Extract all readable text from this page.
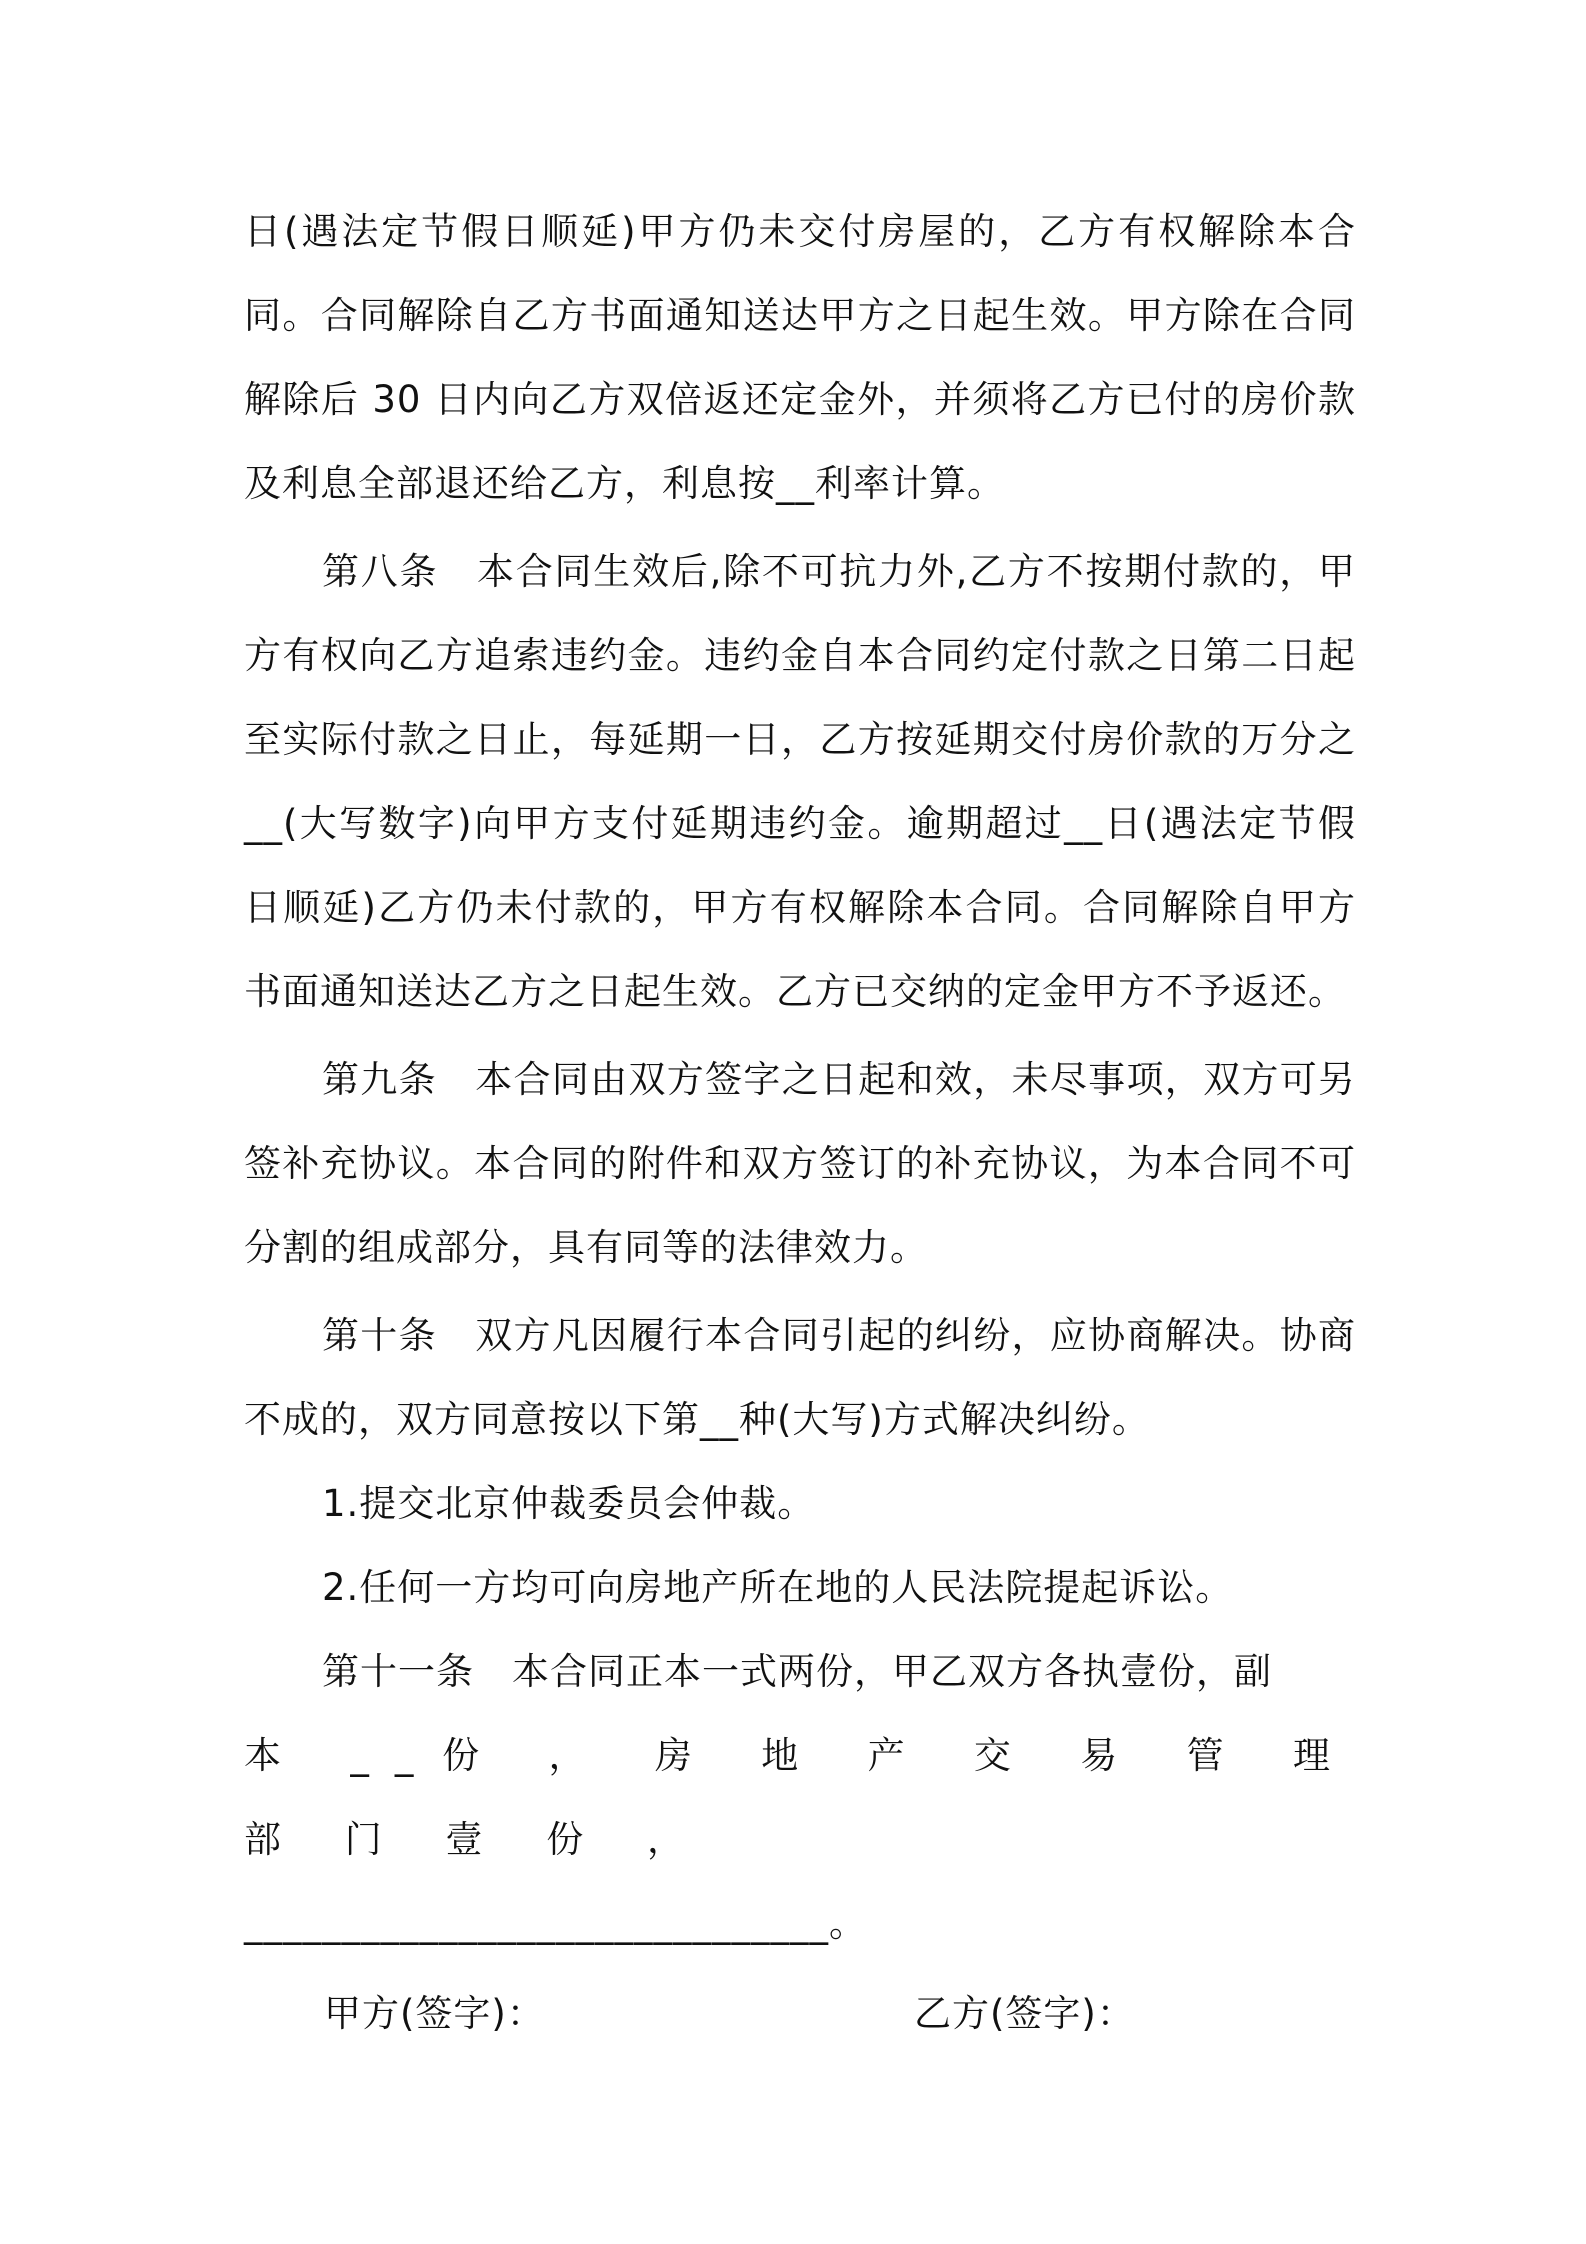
日(遇法定节假日顺延)甲方仍未交付房屋的，乙方有权解除本合同。合同解除自乙方书面通知送达甲方之日起生效。甲方除在合同解除后 30 日内向乙方双倍返还定金外，并须将乙方已付的房价款及利息全部退还给乙方，利息按__利率计算。

第八条　本合同生效后,除不可抗力外,乙方不按期付款的，甲方有权向乙方追索违约金。违约金自本合同约定付款之日第二日起至实际付款之日止，每延期一日，乙方按延期交付房价款的万分之__(大写数字)向甲方支付延期违约金。逾期超过__日(遇法定节假日顺延)乙方仍未付款的，甲方有权解除本合同。合同解除自甲方书面通知送达乙方之日起生效。乙方已交纳的定金甲方不予返还。

第九条　本合同由双方签字之日起和效，未尽事项，双方可另签补充协议。本合同的附件和双方签订的补充协议，为本合同不可分割的组成部分，具有同等的法律效力。

第十条　双方凡因履行本合同引起的纠纷，应协商解决。协商不成的，双方同意按以下第__种(大写)方式解决纠纷。

1.提交北京仲裁委员会仲裁。

2.任何一方均可向房地产所在地的人民法院提起诉讼。

第十一条　本合同正本一式两份，甲乙双方各执壹份，副

本 __份 ， 房 地 产 交 易 管 理 部 门 壹 份 ，

______________________________。

甲方(签字)：	乙方(签字)：
